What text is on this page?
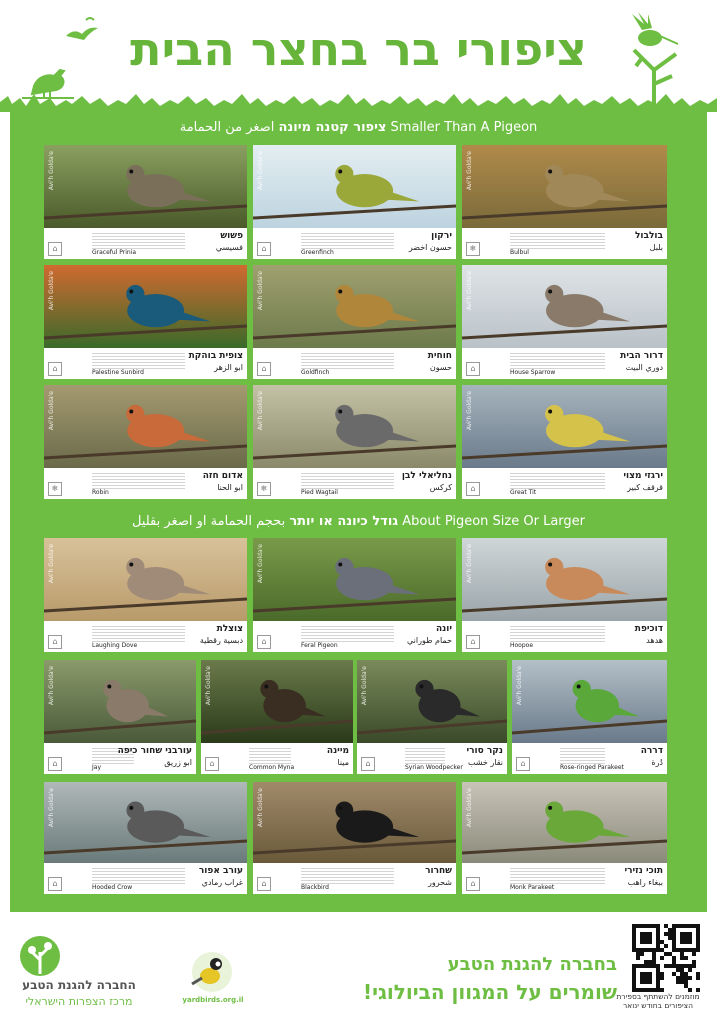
ציפורי בר בחצר הבית
ציפור קטנה מיונה اصغر من الحمامة	Smaller Than A Pigeon
גודל כיונה או יותר بحجم الحمامة او اصغر بقليل	About Pigeon Size Or Larger
Avi'h Golda'e
בולבול
بلبل
Bulbul
❄
Avi'h Golda'e
ירקון
حسون اخضر
Greenfinch
⌂
Avi'h Golda'e
פשוש
فسيسي
Graceful Prinia
⌂
Avi'h Golda'e
דרור הבית
دوري البيت
House Sparrow
⌂
Avi'h Golda'e
חוחית
حسون
Goldfinch
⌂
Avi'h Golda'e
צופית בוהקת
ابو الزهر
Palestine Sunbird
⌂
Avi'h Golda'e
ירגזי מצוי
قرقف كبير
Great Tit
⌂
Avi'h Golda'e
נחליאלי לבן
كركس
Pied Wagtail
❄
Avi'h Golda'e
אדום חזה
ابو الحنا
Robin
❄
Avi'h Golda'e
דוכיפת
هدهد
Hoopoe
⌂
Avi'h Golda'e
יונה
حمام طوراني
Feral Pigeon
⌂
Avi'h Golda'e
צוצלת
دبسية رقطية
Laughing Dove
⌂
Avi'h Golda'e
דררה
دُرة
Rose-ringed Parakeet
⌂
Avi'h Golda'e
נקר סורי
نقار خشب
Syrian Woodpecker
⌂
Avi'h Golda'e
מיינה
مينا
Common Myna
⌂
Avi'h Golda'e
עורבני שחור כיפה
ابو زريق
Jay
⌂
Avi'h Golda'e
תוכי נזירי
ببغاء راهب
Monk Parakeet
⌂
Avi'h Golda'e
שחרור
شحرور
Blackbird
⌂
Avi'h Golda'e
עורב אפור
غراب رمادي
Hooded Crow
⌂
החברה להגנת הטבע
מרכז הצפרות הישראלי	yardbirds.org.il
בחברה להגנת הטבע
שומרים על המגוון הביולוגי! מוזמנים להשתתף בספירת הציפורים בחודש ינואר
